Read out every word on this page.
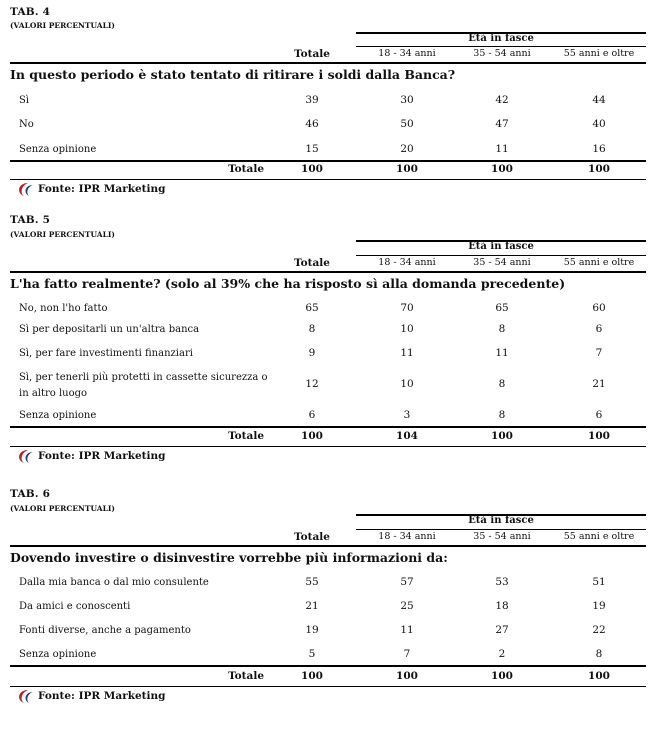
TAB. 4
(VALORI PERCENTUALI)
Età in fasce
Totale	18 - 34 anni	35 - 54 anni	55 anni e oltre
In questo periodo è stato tentato di ritirare i soldi dalla Banca?
Sì	39	30	42	44
No	46	50	47	40
Senza opinione	15	20	11	16
Totale	100	100	100	100
Fonte: IPR Marketing
TAB. 5
(VALORI PERCENTUALI)
Età in fasce
Totale	18 - 34 anni	35 - 54 anni	55 anni e oltre
L'ha fatto realmente? (solo al 39% che ha risposto sì alla domanda precedente)
No, non l'ho fatto	65	70	65	60
Sì per depositarli un un'altra banca	8	10	8	6
Sì, per fare investimenti finanziari	9	11	11	7
Sì, per tenerli più protetti in cassette sicurezza o
in altro luogo
12	10	8	21
Senza opinione	6	3	8	6
Totale	100	104	100	100
Fonte: IPR Marketing
TAB. 6
(VALORI PERCENTUALI)
Età in fasce
Totale	18 - 34 anni	35 - 54 anni	55 anni e oltre
Dovendo investire o disinvestire vorrebbe più informazioni da:
Dalla mia banca o dal mio consulente	55	57	53	51
Da amici e conoscenti	21	25	18	19
Fonti diverse, anche a pagamento	19	11	27	22
Senza opinione	5	7	2	8
Totale	100	100	100	100
Fonte: IPR Marketing
